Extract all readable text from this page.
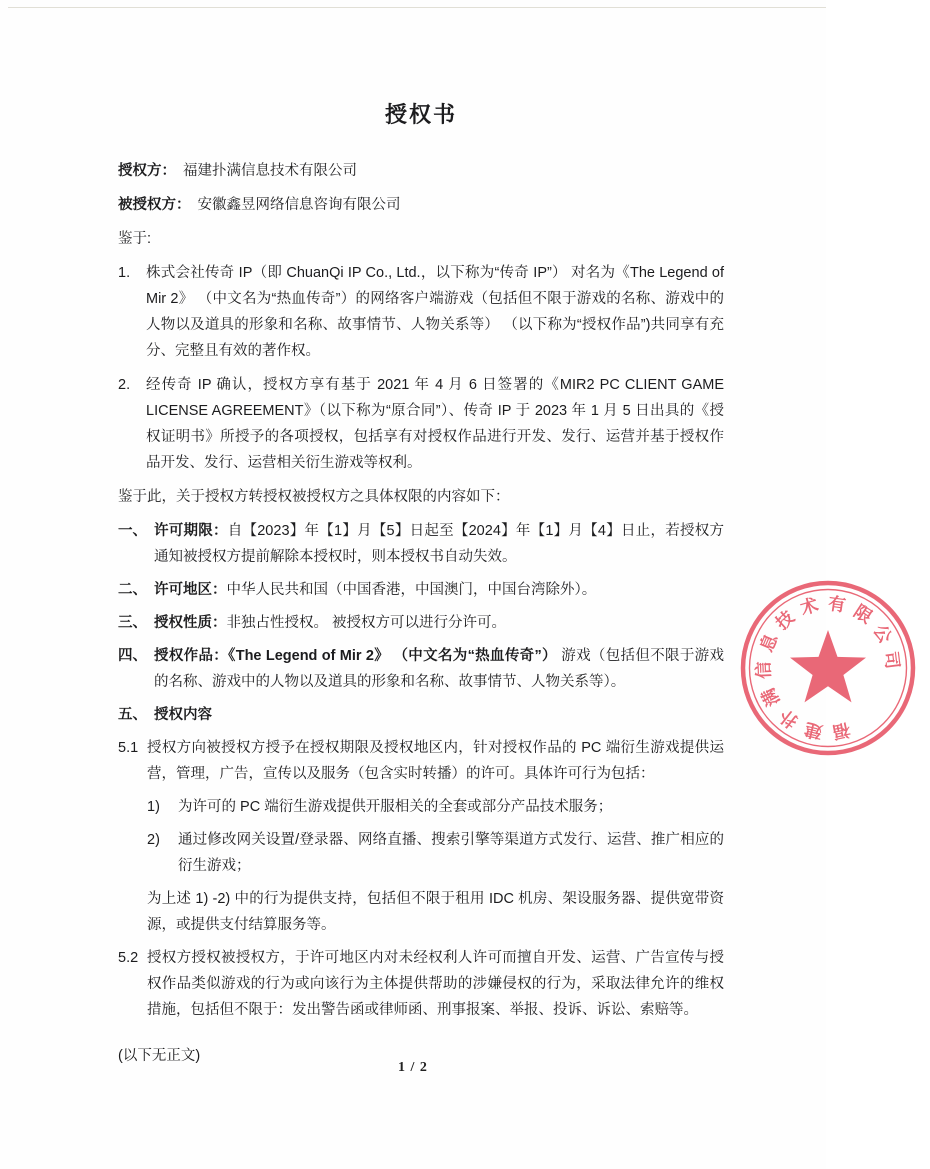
授权书
授权方： 福建扑满信息技术有限公司
被授权方： 安徽鑫昱网络信息咨询有限公司
鉴于:
1.	株式会社传奇 IP（即 ChuanQi IP Co., Ltd.，以下称为“传奇 IP”） 对名为《The Legend of Mir 2》 （中文名为“热血传奇”）的网络客户端游戏（包括但不限于游戏的名称、游戏中的人物以及道具的形象和名称、故事情节、人物关系等） （以下称为“授权作品”)共同享有充分、完整且有效的著作权。
2.	经传奇 IP 确认，授权方享有基于 2021 年 4 月 6 日签署的《MIR2 PC CLIENT GAME LICENSE AGREEMENT》（以下称为“原合同”）、传奇 IP 于 2023 年 1 月 5 日出具的《授权证明书》所授予的各项授权，包括享有对授权作品进行开发、发行、运营并基于授权作品开发、发行、运营相关衍生游戏等权利。
鉴于此，关于授权方转授权被授权方之具体权限的内容如下：
一、 许可期限：自【2023】年【1】月【5】日起至【2024】年【1】月【4】日止，若授权方通知被授权方提前解除本授权时，则本授权书自动失效。
二、 许可地区：中华人民共和国（中国香港，中国澳门，中国台湾除外）。
三、 授权性质：非独占性授权。 被授权方可以进行分许可。
四、 授权作品：《The Legend of Mir 2》 （中文名为“热血传奇”） 游戏（包括但不限于游戏的名称、游戏中的人物以及道具的形象和名称、故事情节、人物关系等）。
五、 授权内容
5.1 授权方向被授权方授予在授权期限及授权地区内，针对授权作品的 PC 端衍生游戏提供运营，管理，广告，宣传以及服务（包含实时转播）的许可。具体许可行为包括：
1)	为许可的 PC 端衍生游戏提供开服相关的全套或部分产品技术服务；
2)	通过修改网关设置/登录器、网络直播、搜索引擎等渠道方式发行、运营、推广相应的衍生游戏；
为上述 1) -2) 中的行为提供支持，包括但不限于租用 IDC 机房、架设服务器、提供宽带资源，或提供支付结算服务等。
5.2 授权方授权被授权方，于许可地区内对未经权利人许可而擅自开发、运营、广告宣传与授权作品类似游戏的行为或向该行为主体提供帮助的涉嫌侵权的行为，采取法律允许的维权措施，包括但不限于：发出警告函或律师函、刑事报案、举报、投诉、诉讼、索赔等。
(以下无正文)
福
建
扑
满
信
息
技
术 有 限
公
司
1 / 2
